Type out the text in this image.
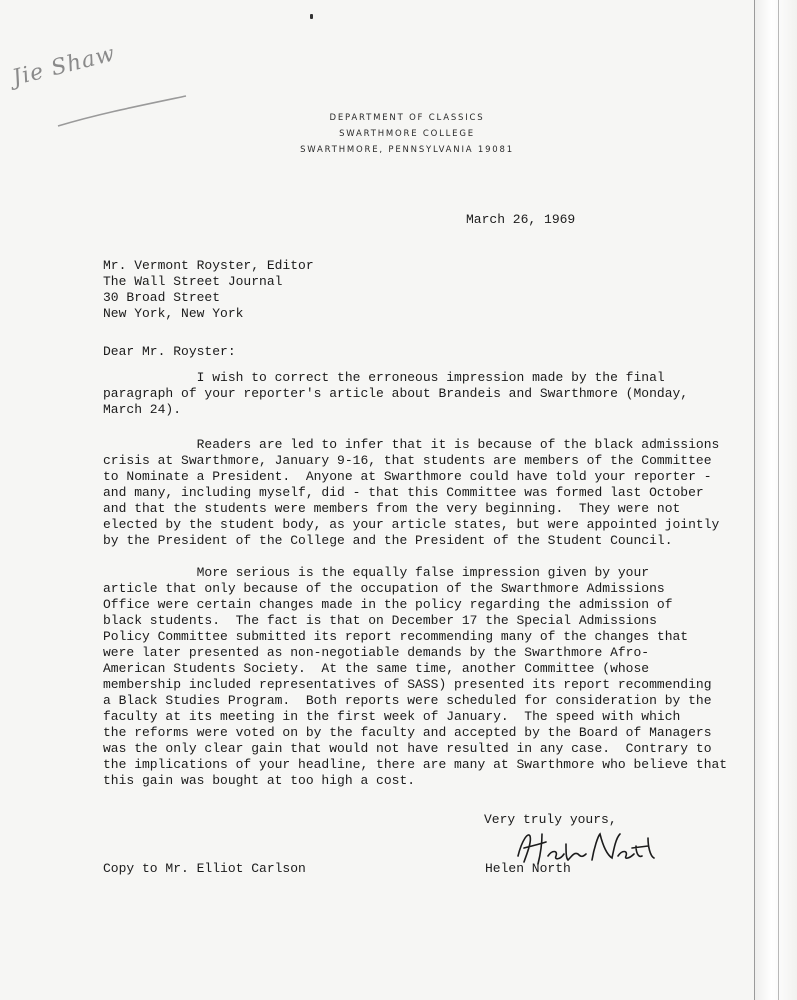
Jie Shaw
DEPARTMENT OF CLASSICS
SWARTHMORE COLLEGE
SWARTHMORE, PENNSYLVANIA 19081
March 26, 1969
Mr. Vermont Royster, Editor
The Wall Street Journal
30 Broad Street
New York, New York
Dear Mr. Royster:
I wish to correct the erroneous impression made by the final
paragraph of your reporter's article about Brandeis and Swarthmore (Monday,
March 24).
Readers are led to infer that it is because of the black admissions
crisis at Swarthmore, January 9-16, that students are members of the Committee
to Nominate a President.  Anyone at Swarthmore could have told your reporter -
and many, including myself, did - that this Committee was formed last October
and that the students were members from the very beginning.  They were not
elected by the student body, as your article states, but were appointed jointly
by the President of the College and the President of the Student Council.
More serious is the equally false impression given by your
article that only because of the occupation of the Swarthmore Admissions
Office were certain changes made in the policy regarding the admission of
black students.  The fact is that on December 17 the Special Admissions
Policy Committee submitted its report recommending many of the changes that
were later presented as non-negotiable demands by the Swarthmore Afro-
American Students Society.  At the same time, another Committee (whose
membership included representatives of SASS) presented its report recommending
a Black Studies Program.  Both reports were scheduled for consideration by the
faculty at its meeting in the first week of January.  The speed with which
the reforms were voted on by the faculty and accepted by the Board of Managers
was the only clear gain that would not have resulted in any case.  Contrary to
the implications of your headline, there are many at Swarthmore who believe that
this gain was bought at too high a cost.
Very truly yours,
Helen North
Copy to Mr. Elliot Carlson
